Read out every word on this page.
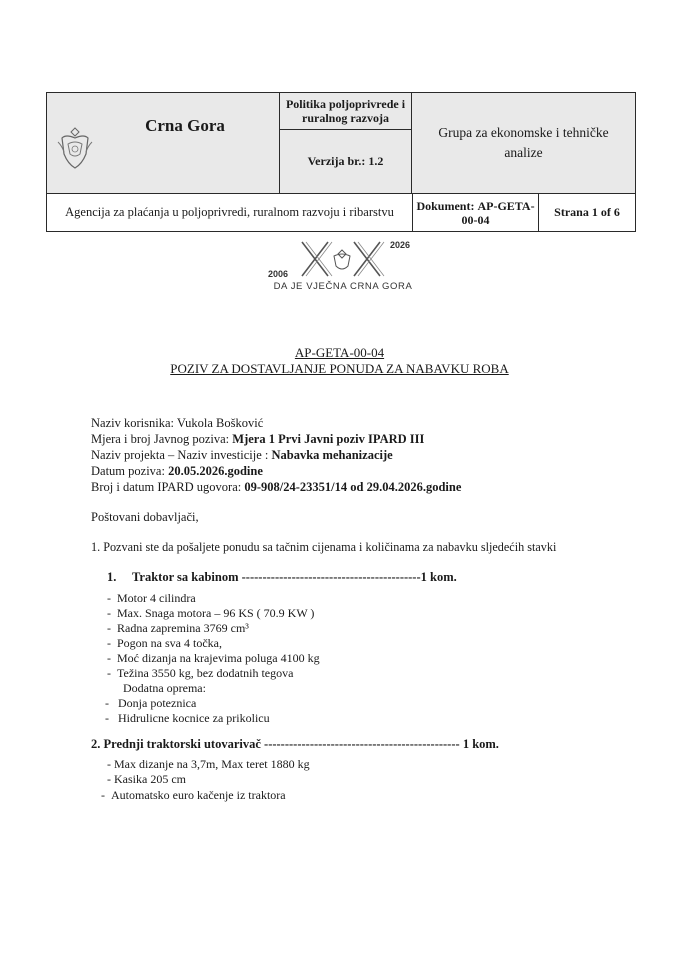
Crna Gora
Politika poljoprivrede i ruralnog razvoja
Verzija br.:
1.2
Grupa za ekonomske i tehničke analize
Agencija za plaćanja u poljoprivredi, ruralnom razvoju i ribarstvu Dokument: AP-GETA-00-04
Strana 1 of 6
2006
2026
DA JE VJEČNA CRNA GORA
AP-GETA-00-04
POZIV ZA DOSTAVLJANJE PONUDA ZA NABAVKU ROBA
Naziv korisnika: Vukola Bošković
Mjera i broj Javnog poziva: Mjera 1 Prvi Javni poziv IPARD III
Naziv projekta – Naziv investicije : Nabavka mehanizacije
Datum poziva: 20.05.2026.godine
Broj i datum IPARD ugovora: 09-908/24-23351/14 od 29.04.2026.godine
Poštovani dobavljači,
1. Pozvani ste da pošaljete ponudu sa tačnim cijenama i količinama za nabavku sljedećih stavki
1. Traktor sa kabinom -------------------------------------------1 kom.
-  Motor 4 cilindra
-  Max. Snaga motora – 96 KS ( 70.9 KW )
-  Radna zapremina 3769 cm³
-  Pogon na sva 4 točka,
-  Moć dizanja na krajevima poluga 4100 kg
-  Težina 3550 kg, bez dodatnih tegova
Dodatna oprema:
-   Donja poteznica
-   Hidrulicne kocnice za prikolicu
2. Prednji traktorski utovarivač ----------------------------------------------- 1 kom.
- Max dizanje na 3,7m, Max teret 1880 kg
- Kasika 205 cm
-  Automatsko euro kačenje iz traktora
